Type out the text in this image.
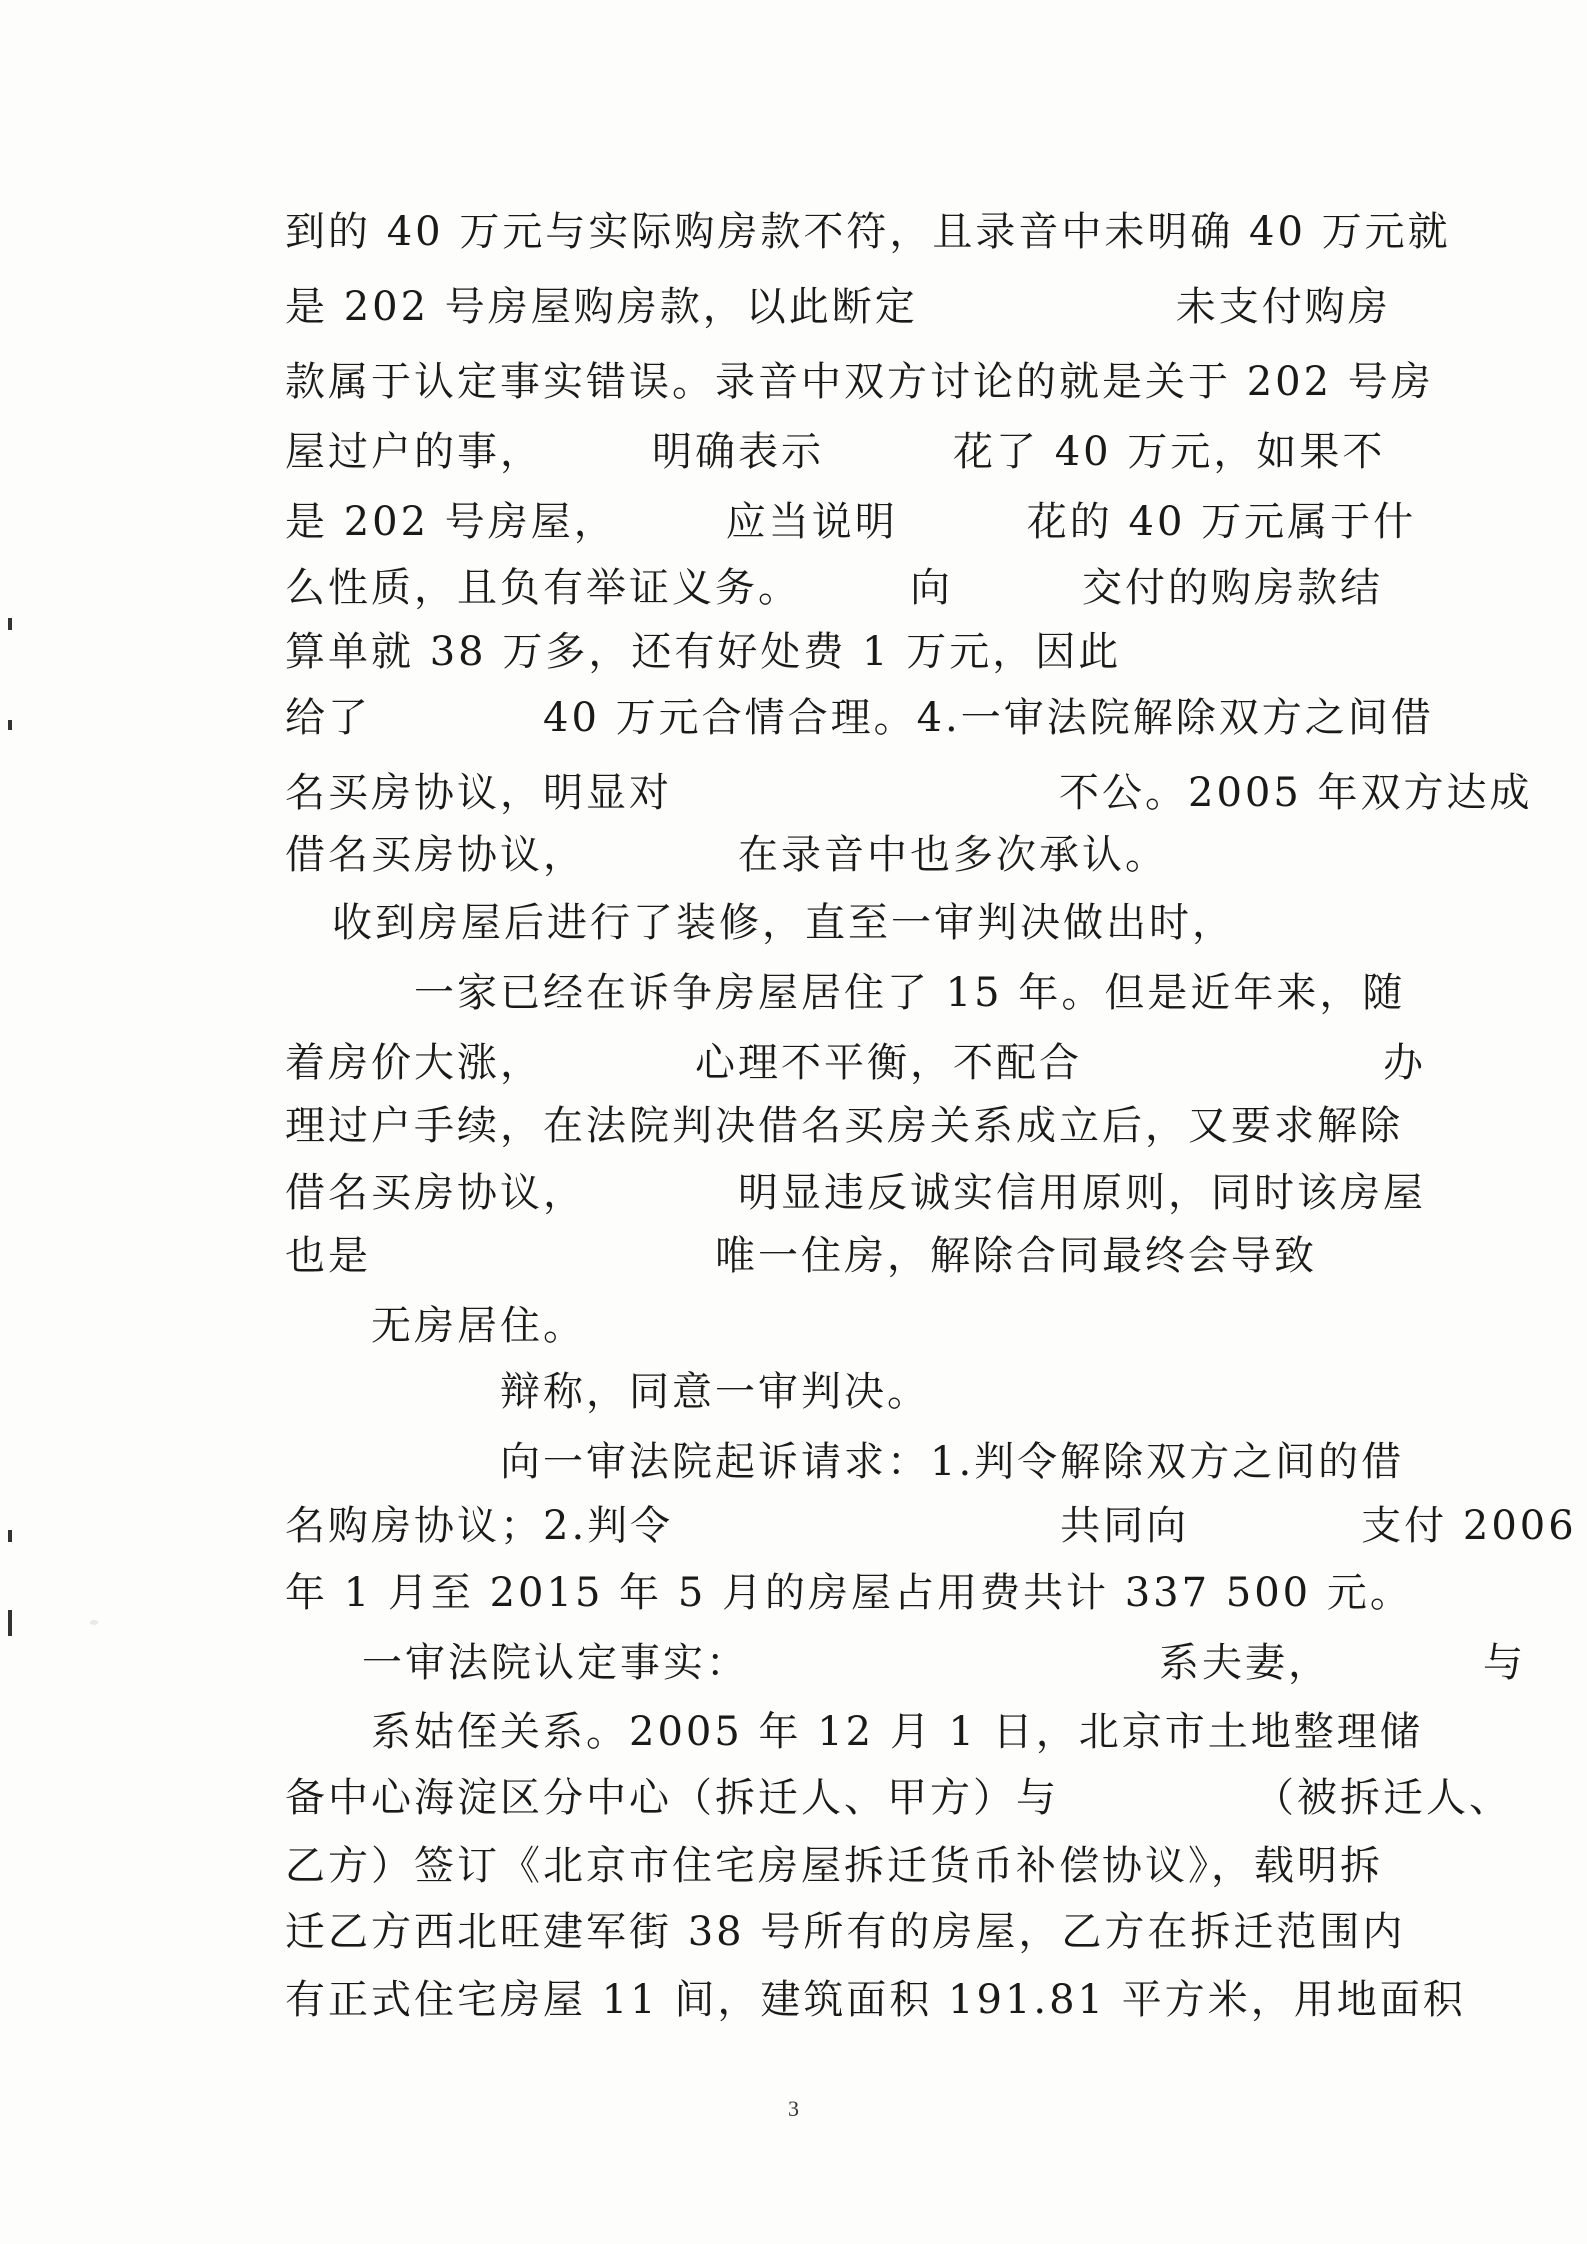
到的 40 万元与实际购房款不符，且录音中未明确 40 万元就
是 202 号房屋购房款，以此断定　　　　　　未支付购房
款属于认定事实错误。录音中双方讨论的就是关于 202 号房
屋过户的事，　　　明确表示　　　花了 40 万元，如果不
是 202 号房屋，　　　应当说明　　　花的 40 万元属于什
么性质，且负有举证义务。　　　向　　　交付的购房款结
算单就 38 万多，还有好处费 1 万元，因此
给了　　　　40 万元合情合理。4.一审法院解除双方之间借
名买房协议，明显对　　　　　　　　　不公。2005 年双方达成
借名买房协议，　　　　在录音中也多次承认。
收到房屋后进行了装修，直至一审判决做出时，
　　　一家已经在诉争房屋居住了 15 年。但是近年来，随
着房价大涨，　　　　心理不平衡，不配合　　　　　　　办
理过户手续，在法院判决借名买房关系成立后，又要求解除
借名买房协议，　　　　明显违反诚实信用原则，同时该房屋
也是　　　　　　　　唯一住房，解除合同最终会导致
　　无房居住。
　　　　　辩称，同意一审判决。
　　　　　向一审法院起诉请求：1.判令解除双方之间的借
名购房协议；2.判令　　　　　　　　　共同向　　　　支付 2006
年 1 月至 2015 年 5 月的房屋占用费共计 337 500 元。
一审法院认定事实：　　　　　　　　　　系夫妻，　　　　与
　　系姑侄关系。2005 年 12 月 1 日，北京市土地整理储
备中心海淀区分中心（拆迁人、甲方）与　　　　　（被拆迁人、
乙方）签订《北京市住宅房屋拆迁货币补偿协议》，载明拆
迁乙方西北旺建军街 38 号所有的房屋，乙方在拆迁范围内
有正式住宅房屋 11 间，建筑面积 191.81 平方米，用地面积
3
